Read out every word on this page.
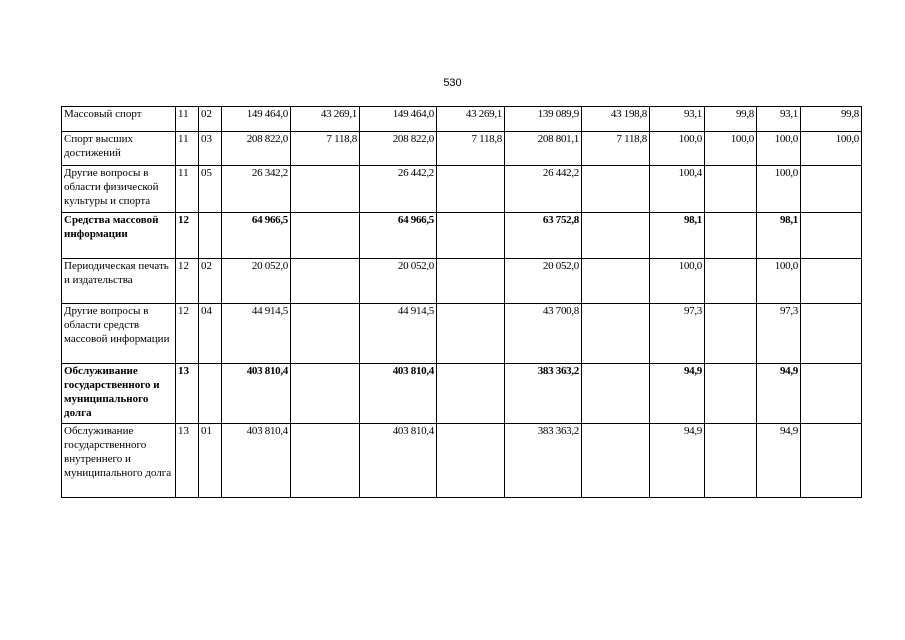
530
Массовый спорт	11	02	149 464,0	43 269,1	149 464,0	43 269,1	139 089,9	43 198,8	93,1	99,8	93,1	99,8
Спорт высших достижений	11	03	208 822,0	7 118,8	208 822,0	7 118,8	208 801,1	7 118,8	100,0	100,0	100,0	100,0
Другие вопросы в области физической культуры и спорта	11	05	26 342,2		26 442,2		26 442,2		100,4		100,0	
Средства массовой информации	12		64 966,5		64 966,5		63 752,8		98,1		98,1	
Периодическая печать и издательства	12	02	20 052,0		20 052,0		20 052,0		100,0		100,0	
Другие вопросы в области средств массовой информации	12	04	44 914,5		44 914,5		43 700,8		97,3		97,3	
Обслуживание государственного и муниципального долга	13		403 810,4		403 810,4		383 363,2		94,9		94,9	
Обслуживание государственного внутреннего и муниципального долга	13	01	403 810,4		403 810,4		383 363,2		94,9		94,9	
